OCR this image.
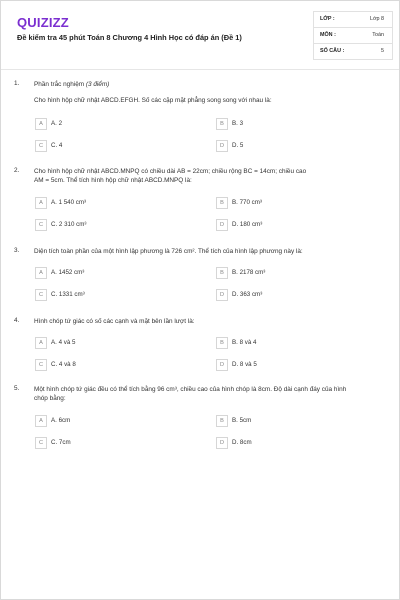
QUIZIZZ
Đề kiểm tra 45 phút Toán 8 Chương 4 Hình Học có đáp án (Đề 1)
LỚP :	Lớp 8
MÔN :	Toán
SỐ CÂU :	5
1. Phần trắc nghiệm (3 điểm)
Cho hình hộp chữ nhật ABCD.EFGH. Số các cặp mặt phẳng song song với nhau là:
A	A. 2	B	B. 3
C	C. 4	D	D. 5
2. Cho hình hộp chữ nhật ABCD.MNPQ có chiều dài AB = 22cm; chiều rộng BC = 14cm; chiều cao
AM = 5cm. Thể tích hình hộp chữ nhật ABCD.MNPQ là:
A	A. 1 540 cm³	B	B. 770 cm³
C	C. 2 310 cm³	D	D. 180 cm³
3. Diện tích toàn phần của một hình lập phương là 726 cm². Thể tích của hình lập phương này là:
A	A. 1452 cm³	B	B. 2178 cm³
C	C. 1331 cm³	D	D. 363 cm³
4. Hình chóp tứ giác có số các cạnh và mặt bên lần lượt là:
A	A. 4 và 5	B	B. 8 và 4
C	C. 4 và 8	D	D. 8 và 5
5. Một hình chóp tứ giác đều có thể tích bằng 96 cm³, chiều cao của hình chóp là 8cm. Độ dài cạnh đáy của hình
chóp bằng:
A	A. 6cm	B	B. 5cm
C	C. 7cm	D	D. 8cm
